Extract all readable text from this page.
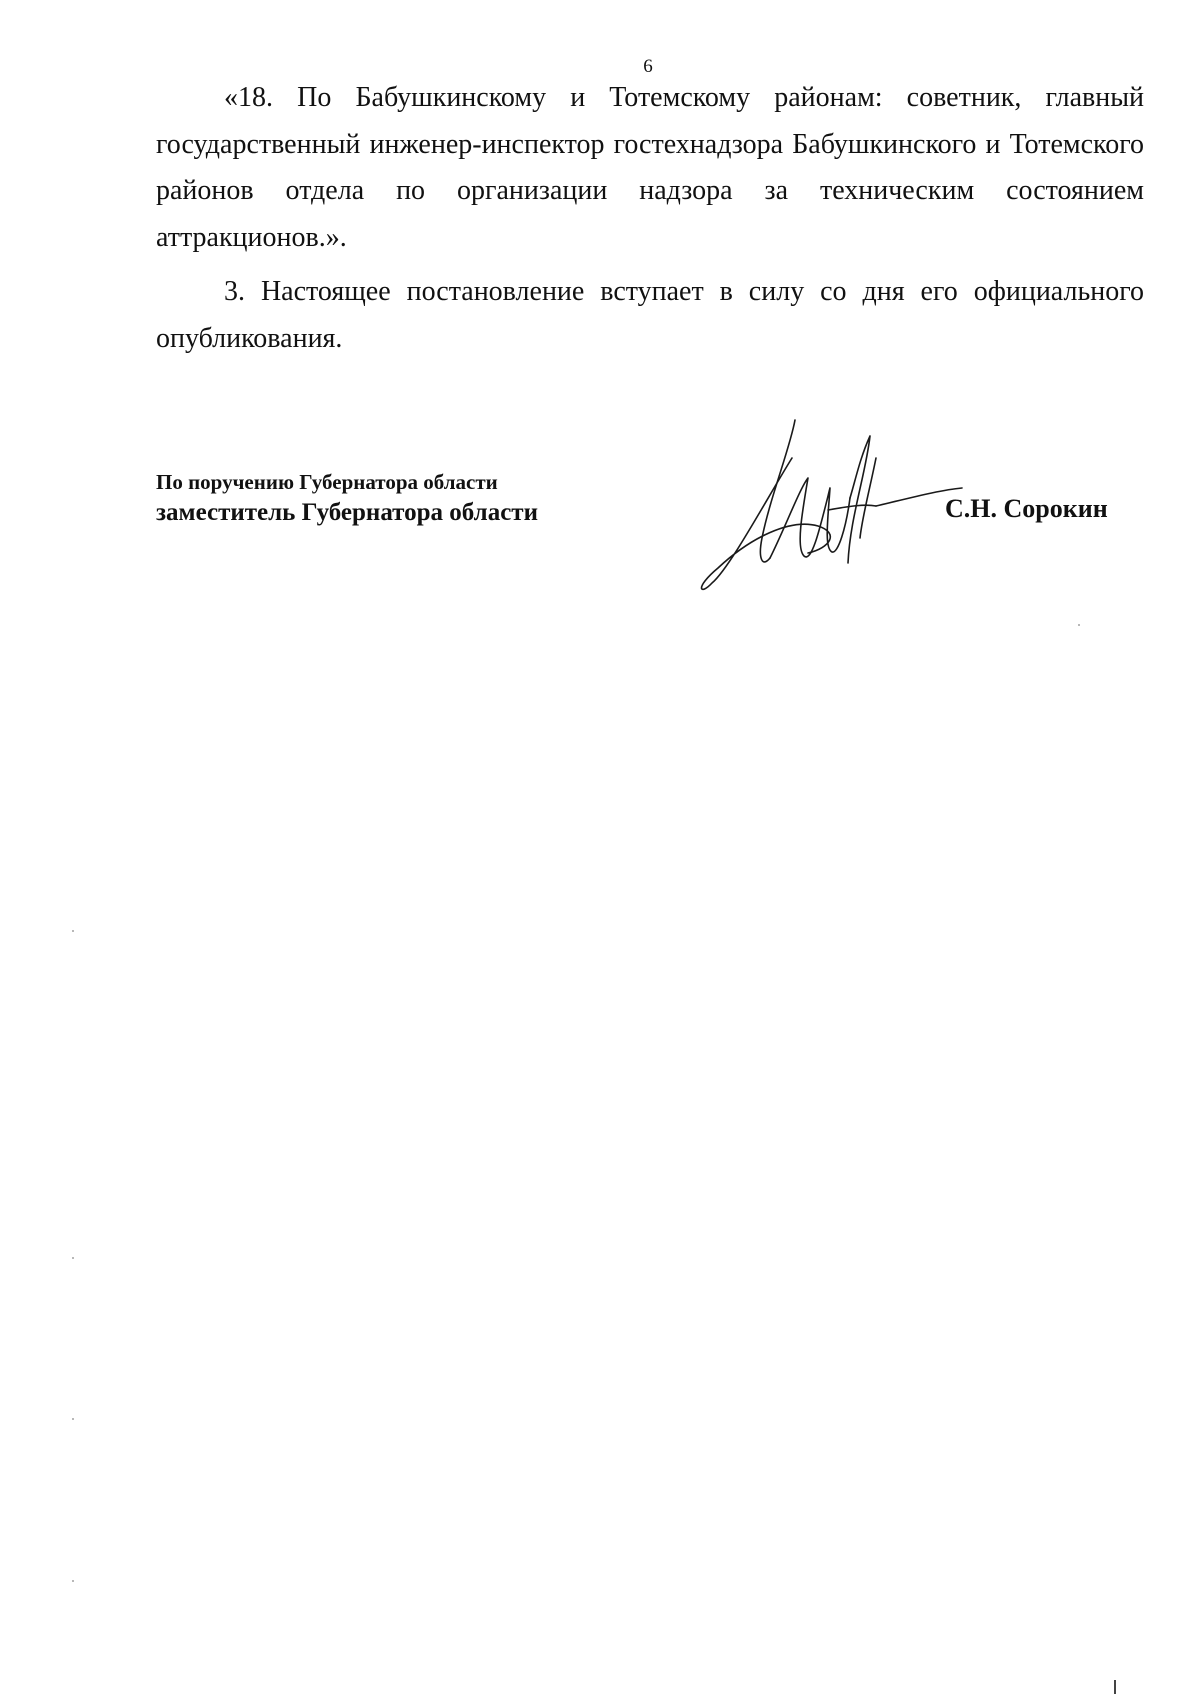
6

«18. По Бабушкинскому и Тотемскому районам: советник, главный государственный инженер-инспектор гостехнадзора Бабушкинского и Тотемского районов отдела по организации надзора за техническим состоянием аттракционов.».

3. Настоящее постановление вступает в силу со дня его официального опубликования.

По поручению Губернатора области
заместитель Губернатора области	С.Н. Сорокин
